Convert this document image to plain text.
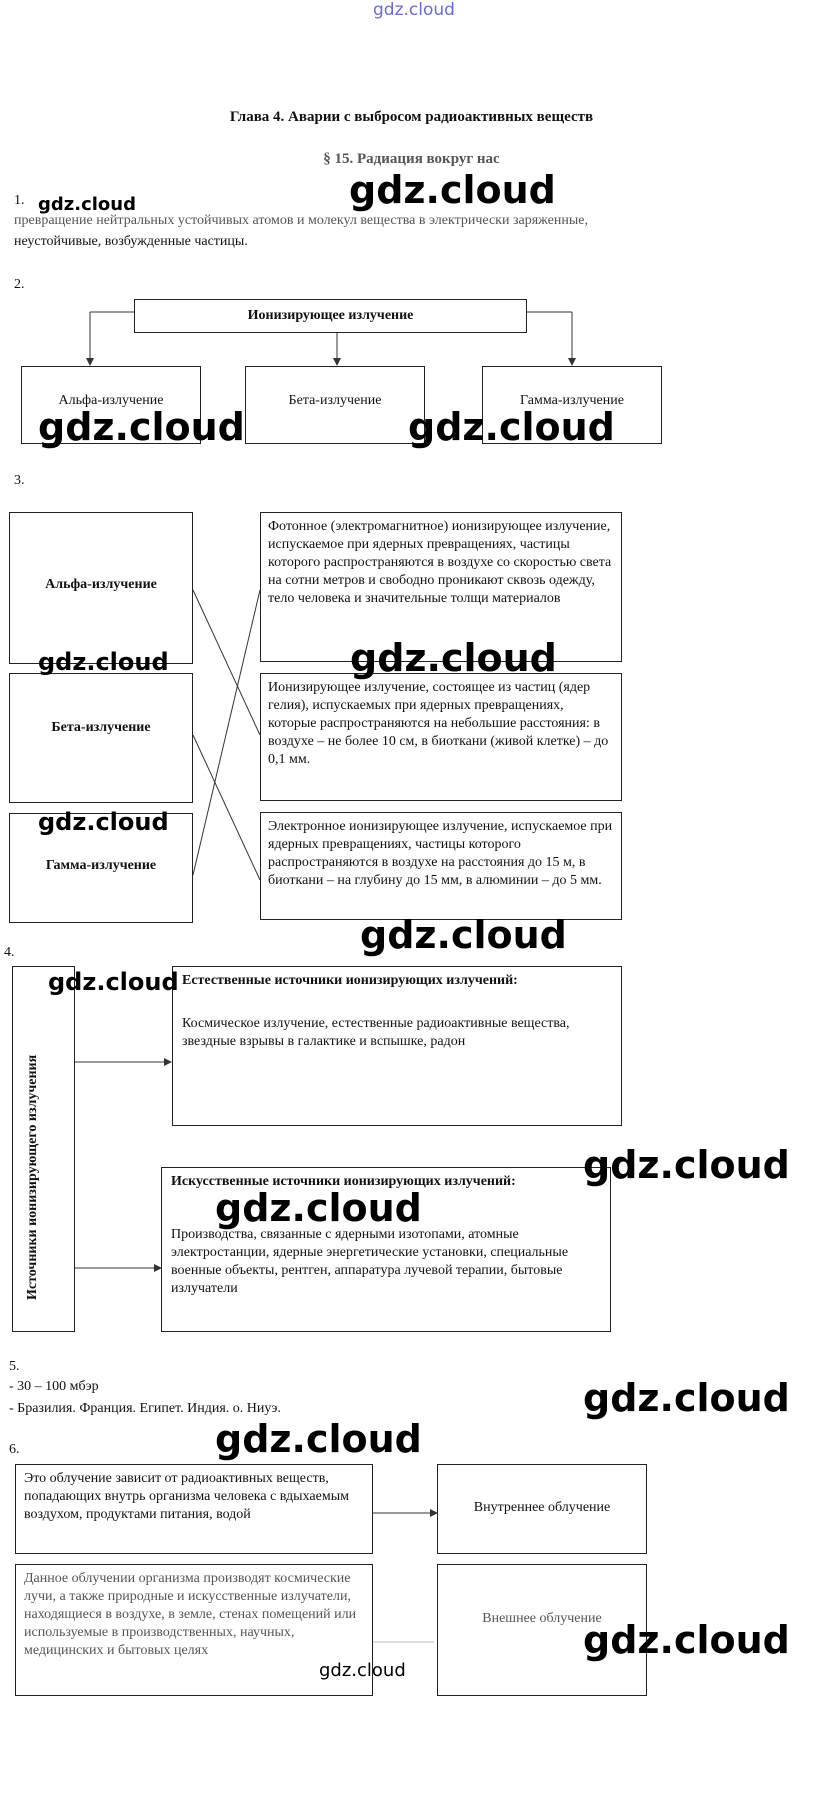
gdz.cloud
Глава 4. Аварии с выбросом радиоактивных веществ
§ 15. Радиация вокруг нас
1.
превращение нейтральных устойчивых атомов и молекул вещества в электрически заряженные,
неустойчивые, возбужденные частицы.
2.
Ионизирующее излучение
Альфа-излучение	Бета-излучение	Гамма-излучение
3.
Альфа-излучение
Бета-излучение
Гамма-излучение
Фотонное (электромагнитное) ионизирующее излучение, испускаемое при ядерных превращениях, частицы которого распространяются в воздухе со скоростью света на сотни метров и свободно проникают сквозь одежду, тело человека и значительные толщи материалов
Ионизирующее излучение, состоящее из частиц (ядер гелия), испускаемых при ядерных превращениях, которые распространяются на небольшие расстояния: в воздухе – не более 10 см, в биоткани (живой клетке) – до 0,1 мм.
Электронное ионизирующее излучение, испускаемое при ядерных превращениях, частицы которого распространяются в воздухе на расстояния до 15 м, в биоткани – на глубину до 15 мм, в алюминии – до 5 мм.
4.
Источники ионизирующего излучения
Естественные источники ионизирующих излучений:
Космическое излучение, естественные радиоактивные вещества, звездные взрывы в галактике и вспышке, радон
Искусственные источники ионизирующих излучений:
Производства, связанные с ядерными изотопами, атомные электростанции, ядерные энергетические установки, специальные военные объекты, рентген, аппаратура лучевой терапии, бытовые излучатели
5.
- 30 – 100 мбэр
- Бразилия. Франция. Египет. Индия. о. Ниуэ.
6.
Это облучение зависит от радиоактивных веществ, попадающих внутрь организма человека с вдыхаемым воздухом, продуктами питания, водой	Внутреннее облучение
Данное облучении организма производят космические лучи, а также природные и искусственные излучатели, находящиеся в воздухе, в земле, стенах помещений или используемые в производственных, научных, медицинских и бытовых целях
Внешнее облучение
gdz.cloud	gdz.cloud
gdz.cloud	gdz.cloud
gdz.cloud	gdz.cloud
gdz.cloud
gdz.cloud
gdz.cloud
gdz.cloud
gdz.cloud
gdz.cloud
gdz.cloud
gdz.cloud
gdz.cloud
